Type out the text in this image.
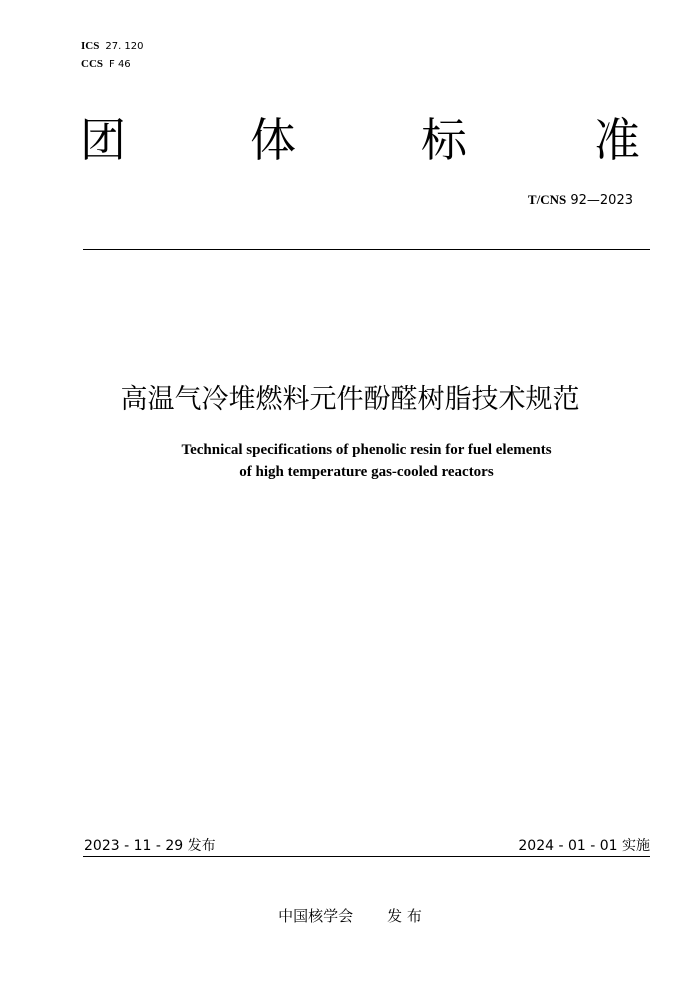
ICS 27. 120
CCS F 46
团	体	标	准
T/CNS 92—2023
高温气冷堆燃料元件酚醛树脂技术规范
Technical specifications of phenolic resin for fuel elements
of high temperature gas-cooled reactors
2023 - 11 - 29 发布	2024 - 01 - 01 实施
中国核学会 发 布
